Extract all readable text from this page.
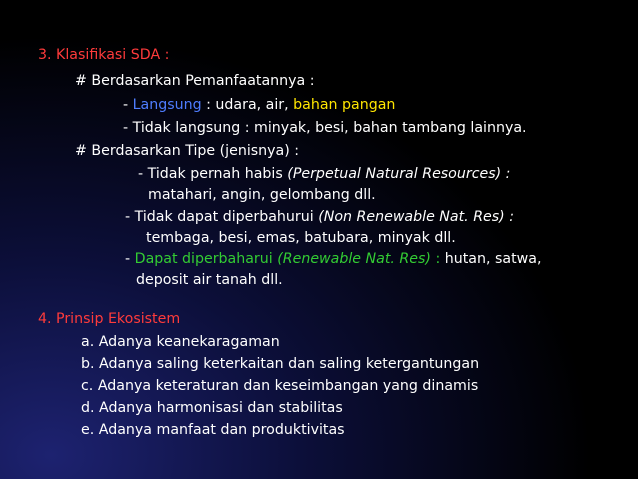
3. Klasifikasi SDA :
# Berdasarkan Pemanfaatannya :
- Langsung : udara, air, bahan pangan
- Tidak langsung : minyak, besi, bahan tambang lainnya.
# Berdasarkan Tipe (jenisnya) :
- Tidak pernah habis (Perpetual Natural Resources) :
matahari, angin, gelombang dll.
- Tidak dapat diperbahurui (Non Renewable Nat. Res) :
tembaga, besi, emas, batubara, minyak dll.
- Dapat diperbaharui (Renewable Nat. Res) : hutan, satwa,
deposit air tanah dll.
4. Prinsip Ekosistem
a. Adanya keanekaragaman
b. Adanya saling keterkaitan dan saling ketergantungan
c. Adanya keteraturan dan keseimbangan yang dinamis
d. Adanya harmonisasi dan stabilitas
e. Adanya manfaat dan produktivitas
